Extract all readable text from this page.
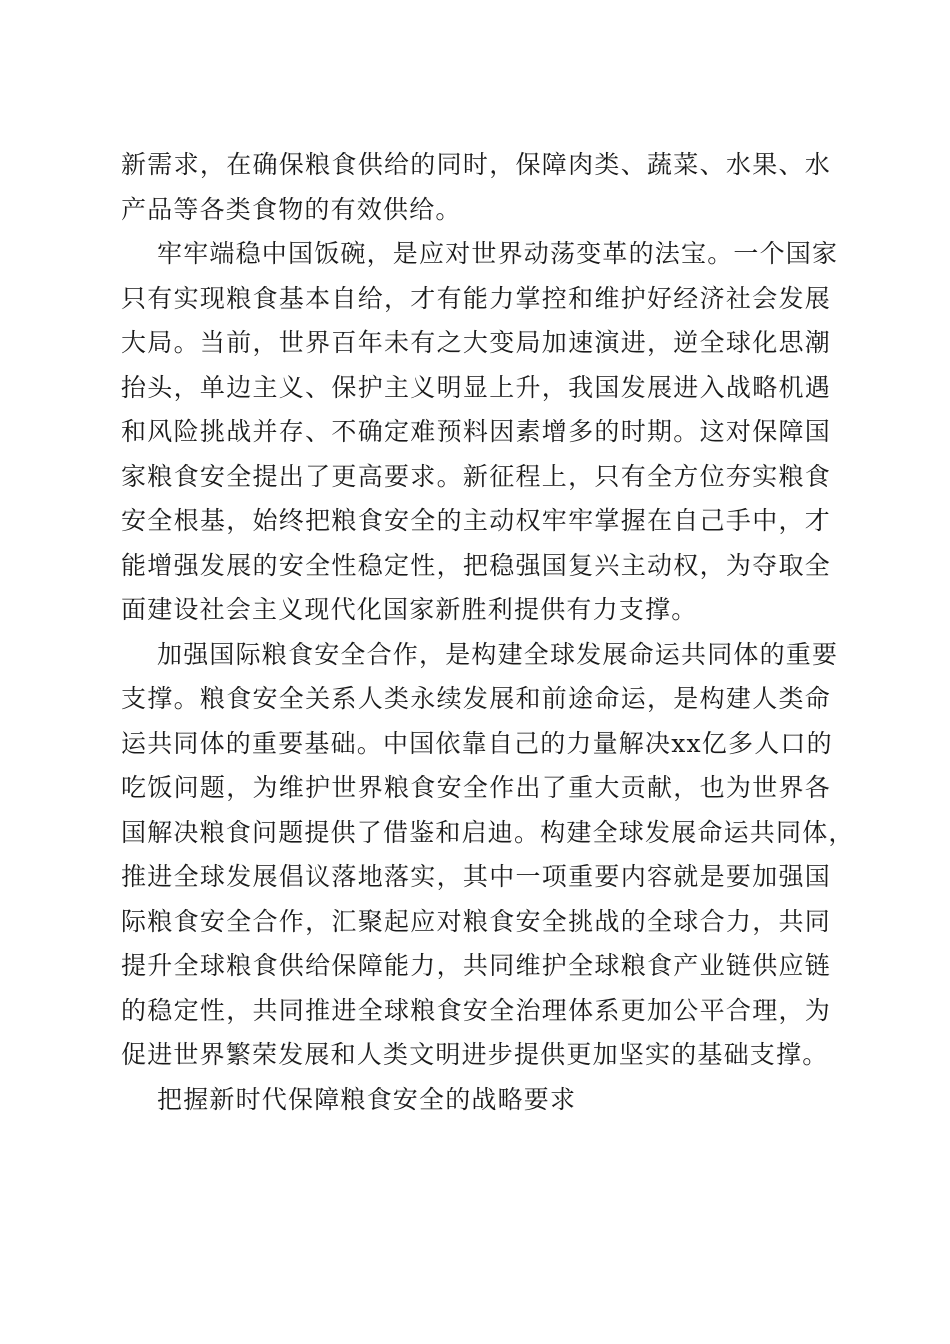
新需求，在确保粮食供给的同时，保障肉类、蔬菜、水果、水
产品等各类食物的有效供给。
牢牢端稳中国饭碗，是应对世界动荡变革的法宝。一个国家
只有实现粮食基本自给，才有能力掌控和维护好经济社会发展
大局。当前，世界百年未有之大变局加速演进，逆全球化思潮
抬头，单边主义、保护主义明显上升，我国发展进入战略机遇
和风险挑战并存、不确定难预料因素增多的时期。这对保障国
家粮食安全提出了更高要求。新征程上，只有全方位夯实粮食
安全根基，始终把粮食安全的主动权牢牢掌握在自己手中，才
能增强发展的安全性稳定性，把稳强国复兴主动权，为夺取全
面建设社会主义现代化国家新胜利提供有力支撑。
加强国际粮食安全合作，是构建全球发展命运共同体的重要
支撑。粮食安全关系人类永续发展和前途命运，是构建人类命
运共同体的重要基础。中国依靠自己的力量解决xx亿多人口的
吃饭问题，为维护世界粮食安全作出了重大贡献，也为世界各
国解决粮食问题提供了借鉴和启迪。构建全球发展命运共同体，
推进全球发展倡议落地落实，其中一项重要内容就是要加强国
际粮食安全合作，汇聚起应对粮食安全挑战的全球合力，共同
提升全球粮食供给保障能力，共同维护全球粮食产业链供应链
的稳定性，共同推进全球粮食安全治理体系更加公平合理，为
促进世界繁荣发展和人类文明进步提供更加坚实的基础支撑。
把握新时代保障粮食安全的战略要求
